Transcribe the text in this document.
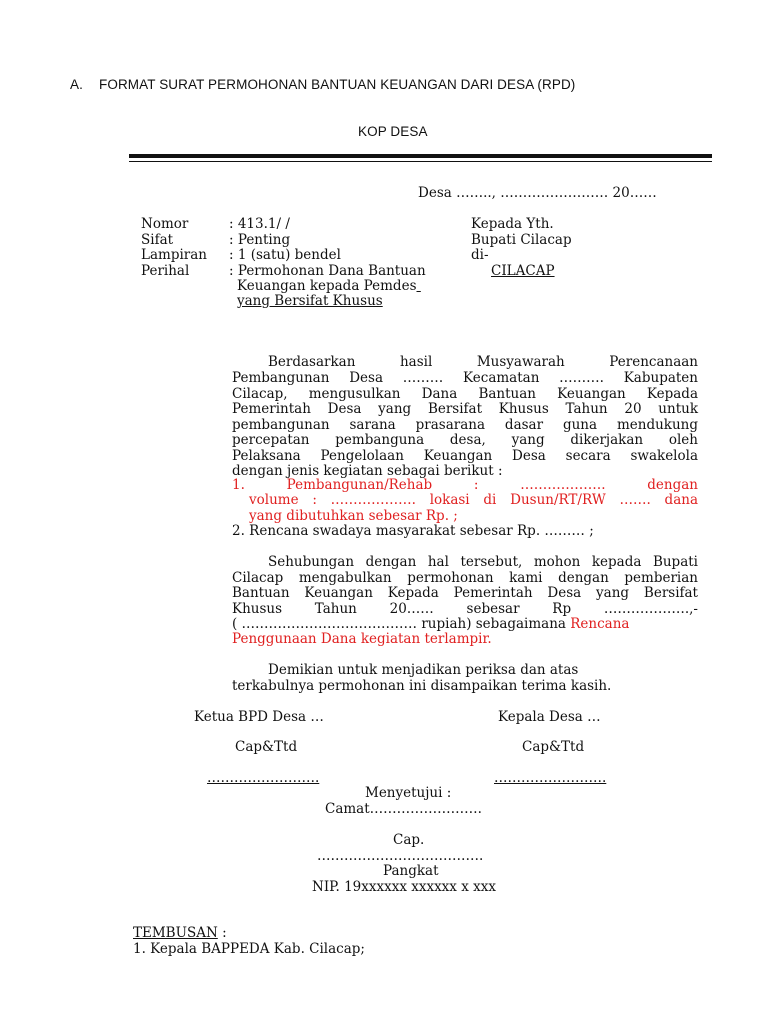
A. FORMAT SURAT PERMOHONAN BANTUAN KEUANGAN DARI DESA (RPD)
KOP DESA
Desa …….., …………………… 20……
Nomor	: 413.1/ /
Sifat	: Penting
Lampiran : 1 (satu) bendel
Perihal	: Permohonan Dana Bantuan
Keuangan kepada Pemdes
yang Bersifat Khusus
Kepada Yth.
Bupati Cilacap
di-
CILACAP
Berdasarkan hasil Musyawarah Perencanaan
Pembangunan Desa ……… Kecamatan ………. Kabupaten
Cilacap, mengusulkan Dana Bantuan Keuangan Kepada
Pemerintah Desa yang Bersifat Khusus Tahun 20 untuk
pembangunan sarana prasarana dasar guna mendukung
percepatan pembanguna desa, yang dikerjakan oleh
Pelaksana Pengelolaan Keuangan Desa secara swakelola
dengan jenis kegiatan sebagai berikut :
1. Pembangunan/Rehab : ………………. dengan
volume : ………………. lokasi di Dusun/RT/RW ……. dana
yang dibutuhkan sebesar Rp. ;
2. Rencana swadaya masyarakat sebesar Rp. ……… ;
Sehubungan dengan hal tersebut, mohon kepada Bupati
Cilacap mengabulkan permohonan kami dengan pemberian
Bantuan Keuangan Kepada Pemerintah Desa yang Bersifat
Khusus Tahun 20…… sebesar Rp ……………….,-
( ………………………………… rupiah) sebagaimana Rencana
Penggunaan Dana kegiatan terlampir.
Demikian untuk menjadikan periksa dan atas
terkabulnya permohonan ini disampaikan terima kasih.
Ketua BPD Desa …	Kepala Desa …
Cap&Ttd	Cap&Ttd
…………………….	…………………….
Menyetujui :
Camat…………………….
Cap.
……………………………….
Pangkat
NIP. 19xxxxxx xxxxxx x xxx
TEMBUSAN :
1. Kepala BAPPEDA Kab. Cilacap;
